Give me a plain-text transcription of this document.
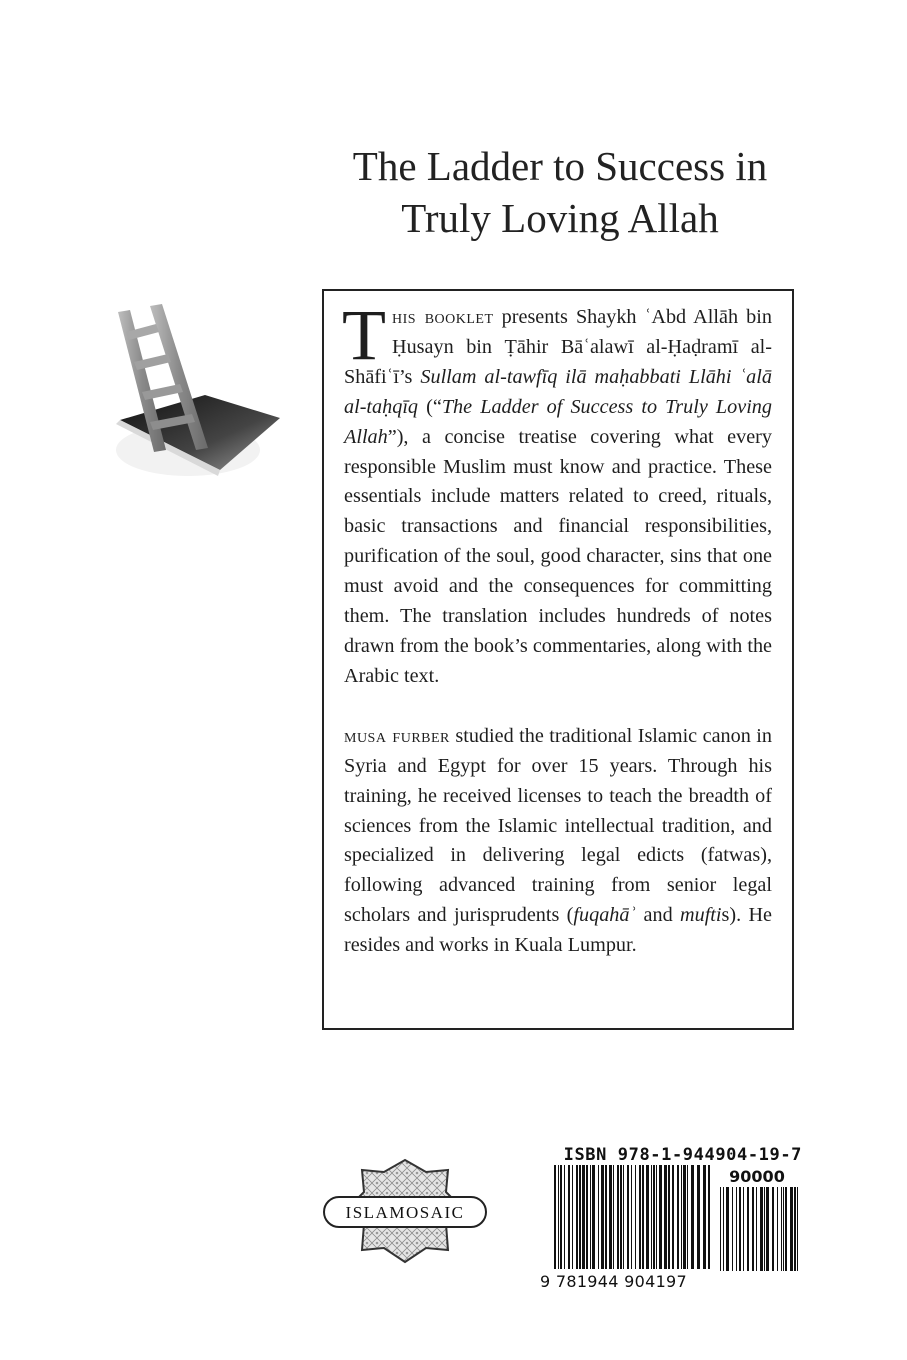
The Ladder to Success in
Truly Loving Allah

This booklet presents Shaykh ʿAbd Allāh bin Ḥusayn bin Ṭāhir Bāʿalawī al-Ḥaḍramī al-Shāfiʿī’s Sullam al-tawfīq ilā maḥabbati Llāhi ʿalā al-taḥqīq (“The Ladder of Success to Truly Loving Allah”), a concise treatise covering what every responsible Muslim must know and practice. These essentials include matters related to creed, rituals, basic transactions and financial responsibilities, purification of the soul, good character, sins that one must avoid and the consequences for committing them. The translation includes hundreds of notes drawn from the book’s commentaries, along with the Arabic text.

musa furber studied the traditional Islamic canon in Syria and Egypt for over 15 years. Through his training, he received licenses to teach the breadth of sciences from the Islamic intellectual tradition, and specialized in delivering legal edicts (fatwas), following advanced training from senior legal scholars and jurisprudents (fuqahāʾ and muftis). He resides and works in Kuala Lumpur.

ISLAMOSAIC
ISBN 978-1-944904-19-7
90000
9 781944 904197
